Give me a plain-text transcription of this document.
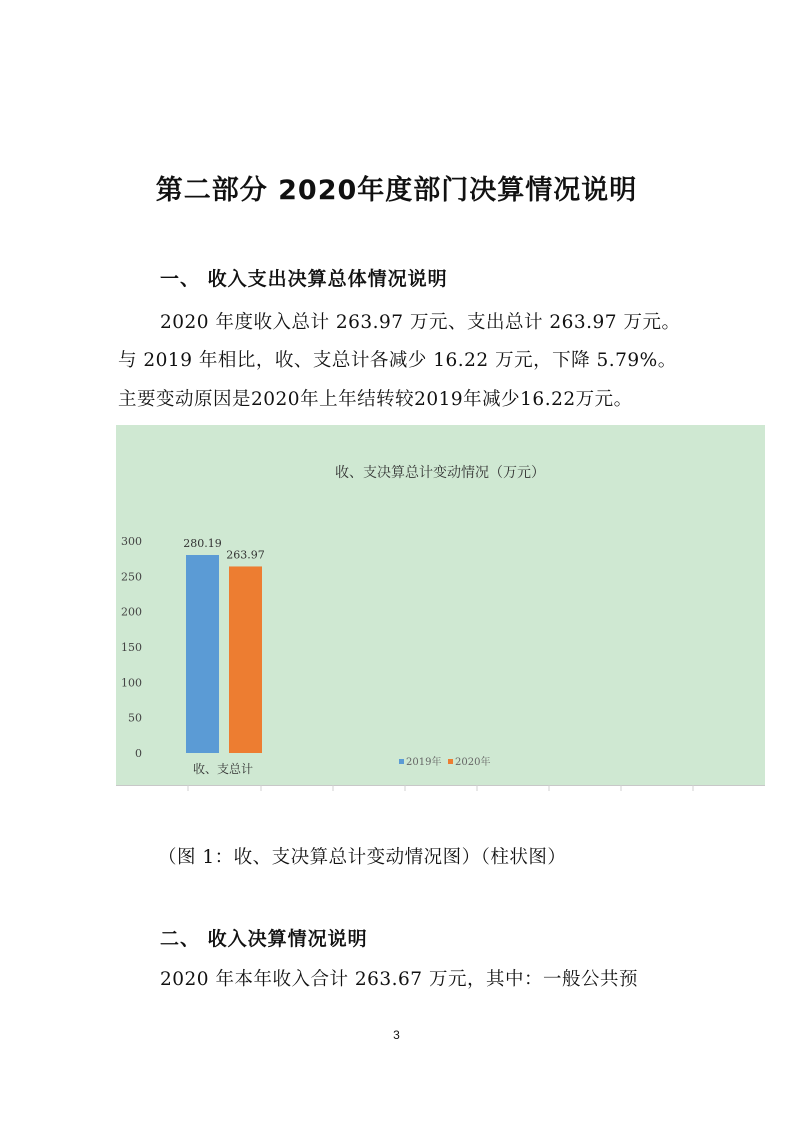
第二部分 2020年度部门决算情况说明
一、 收入支出决算总体情况说明
2020 年度收入总计 263.97 万元、支出总计 263.97 万元。
与 2019 年相比，收、支总计各减少 16.22 万元，下降 5.79%。
主要变动原因是2020年上年结转较2019年减少16.22万元。
收、支决算总计变动情况（万元）
0
50
100
150
200
250
300	280.19
263.97
收、支总计	2019年 2020年
（图 1：收、支决算总计变动情况图）（柱状图）
二、 收入决算情况说明
2020 年本年收入合计 263.67 万元，其中：一般公共预
3
